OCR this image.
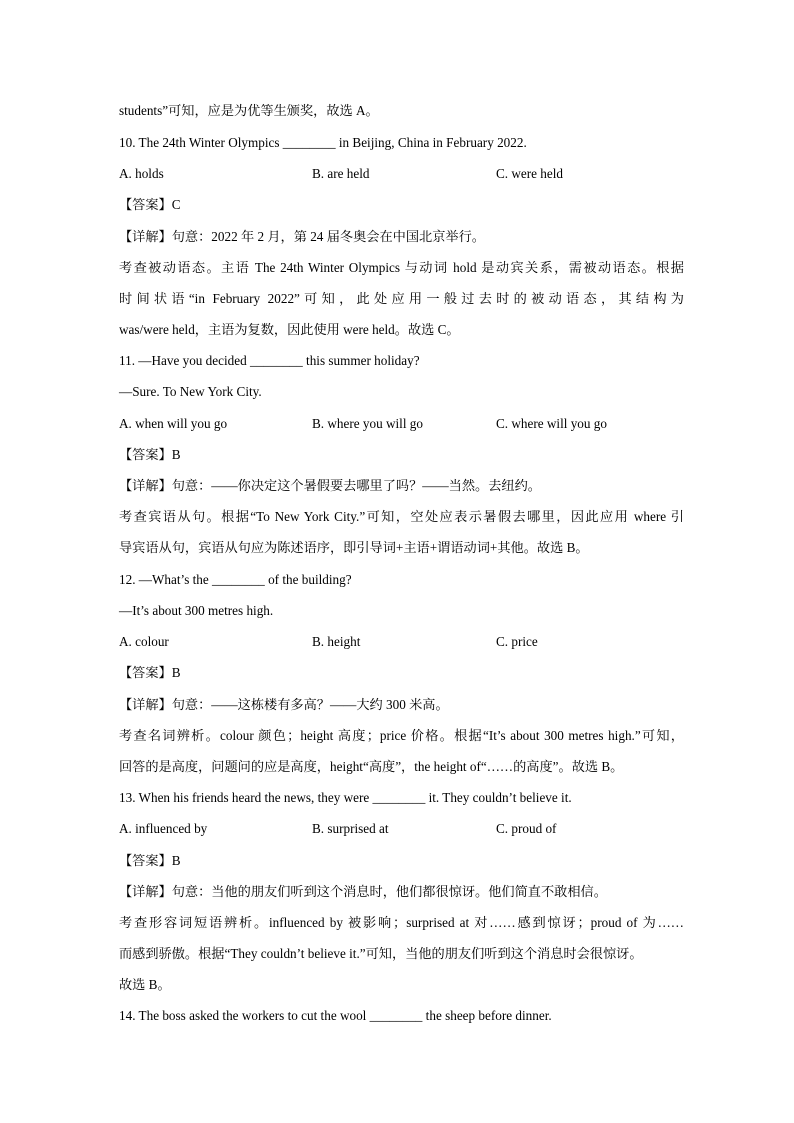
students”可知，应是为优等生颁奖，故选 A。
10. The 24th Winter Olympics ________ in Beijing, China in February 2022.
A. holds	B. are held	C. were held
【答案】C
【详解】句意：2022 年 2 月，第 24 届冬奥会在中国北京举行。
考查被动语态。主语 The 24th Winter Olympics 与动词 hold 是动宾关系，需被动语态。根据
时间状语“in February 2022”可知，此处应用一般过去时的被动语态，其结构为
was/were held，主语为复数，因此使用 were held。故选 C。
11. —Have you decided ________ this summer holiday?
—Sure. To New York City.
A. when will you go	B. where you will go	C. where will you go
【答案】B
【详解】句意：——你决定这个暑假要去哪里了吗？——当然。去纽约。
考查宾语从句。根据“To New York City.”可知，空处应表示暑假去哪里，因此应用 where 引
导宾语从句，宾语从句应为陈述语序，即引导词+主语+谓语动词+其他。故选 B。
12. —What’s the ________ of the building?
—It’s about 300 metres high.
A. colour	B. height	C. price
【答案】B
【详解】句意：——这栋楼有多高？——大约 300 米高。
考查名词辨析。colour 颜色；height 高度；price 价格。根据“It’s about 300 metres high.”可知，
回答的是高度，问题问的应是高度，height“高度”，the height of“……的高度”。故选 B。
13. When his friends heard the news, they were ________ it. They couldn’t believe it.
A. influenced by	B. surprised at	C. proud of
【答案】B
【详解】句意：当他的朋友们听到这个消息时，他们都很惊讶。他们简直不敢相信。
考查形容词短语辨析。influenced by 被影响；surprised at 对……感到惊讶；proud of 为……
而感到骄傲。根据“They couldn’t believe it.”可知，当他的朋友们听到这个消息时会很惊讶。
故选 B。
14. The boss asked the workers to cut the wool ________ the sheep before dinner.
